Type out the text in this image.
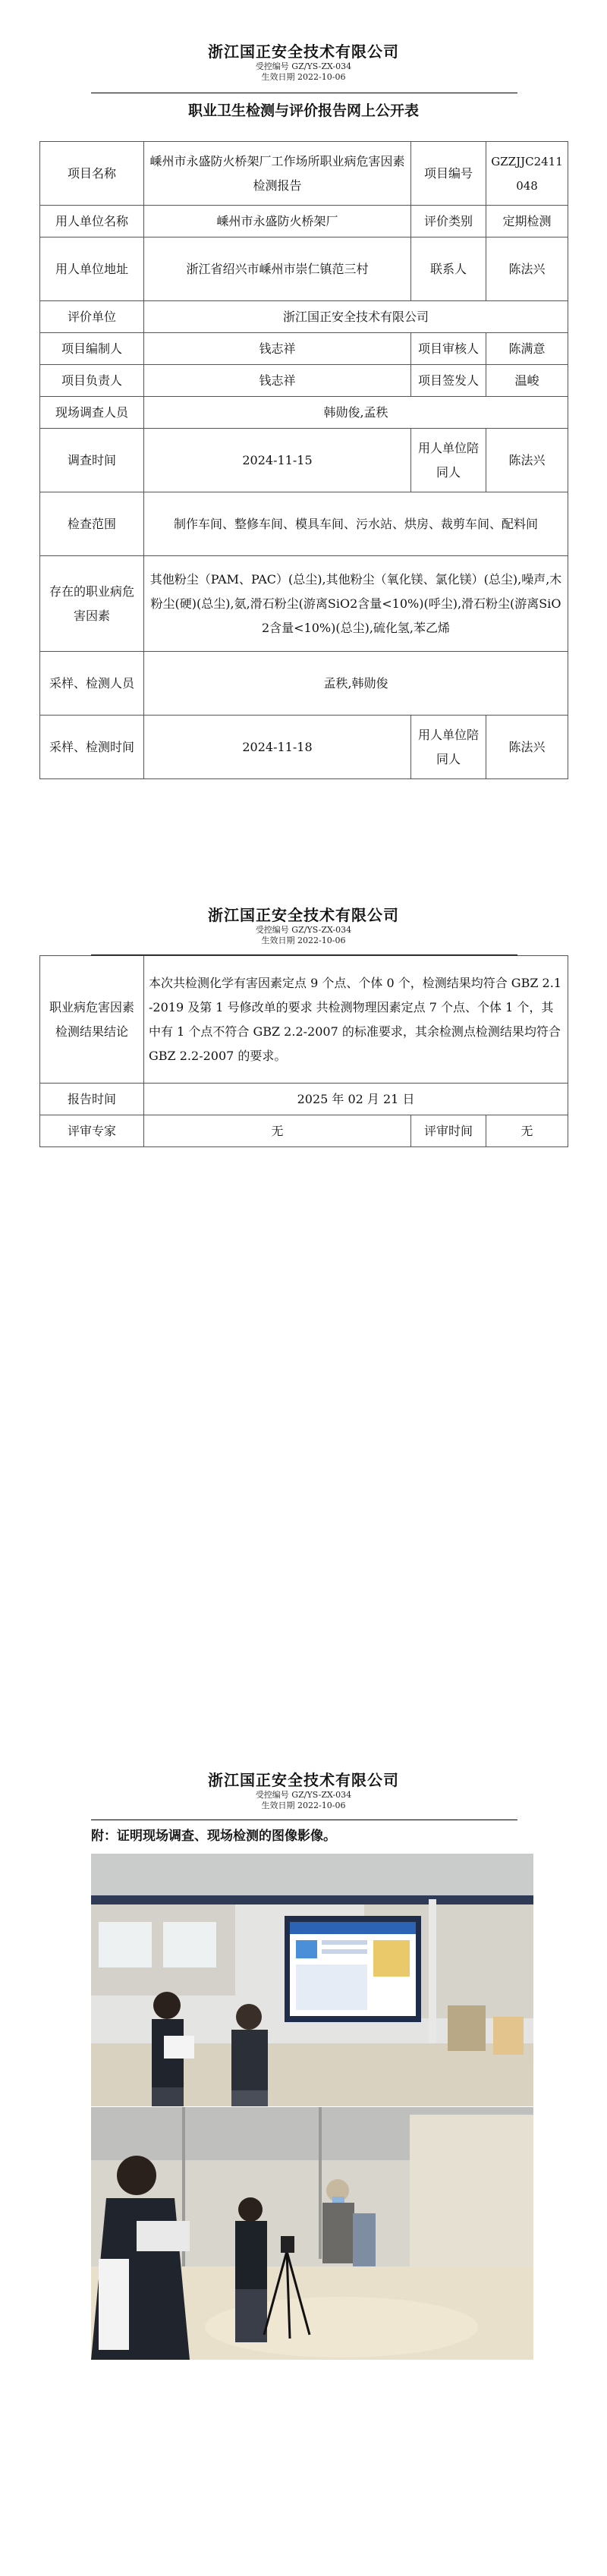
浙江国正安全技术有限公司
受控编号 GZ/YS-ZX-034
生效日期 2022-10-06
职业卫生检测与评价报告网上公开表
项目名称	嵊州市永盛防火桥架厂工作场所职业病危害因素检测报告	项目编号	GZZJJC2411048
用人单位名称	嵊州市永盛防火桥架厂	评价类别	定期检测
用人单位地址	浙江省绍兴市嵊州市崇仁镇范三村	联系人	陈法兴
评价单位	浙江国正安全技术有限公司		
项目编制人	钱志祥	项目审核人	陈满意
项目负责人	钱志祥	项目签发人	温峻
现场调查人员	韩勋俊,孟秩		
调查时间	2024-11-15	用人单位陪同人	陈法兴
检查范围	制作车间、整修车间、模具车间、污水站、烘房、裁剪车间、配料间		
存在的职业病危害因素	其他粉尘（PAM、PAC）(总尘),其他粉尘（氧化镁、氯化镁）(总尘),噪声,木粉尘(硬)(总尘),氨,滑石粉尘(游离SiO2含量<10%)(呼尘),滑石粉尘(游离SiO2含量<10%)(总尘),硫化氢,苯乙烯		
采样、检测人员	孟秩,韩勋俊		
采样、检测时间	2024-11-18	用人单位陪同人	陈法兴
浙江国正安全技术有限公司
受控编号 GZ/YS-ZX-034
生效日期 2022-10-06
职业病危害因素检测结果结论	本次共检测化学有害因素定点 9 个点、个体 0 个，检测结果均符合 GBZ 2.1-2019 及第 1 号修改单的要求 共检测物理因素定点 7 个点、个体 1 个，其中有 1 个点不符合 GBZ 2.2-2007 的标准要求，其余检测点检测结果均符合 GBZ 2.2-2007 的要求。		
报告时间	2025 年 02 月 21 日		
评审专家	无	评审时间	无
浙江国正安全技术有限公司
受控编号 GZ/YS-ZX-034
生效日期 2022-10-06
附：证明现场调查、现场检测的图像影像。
